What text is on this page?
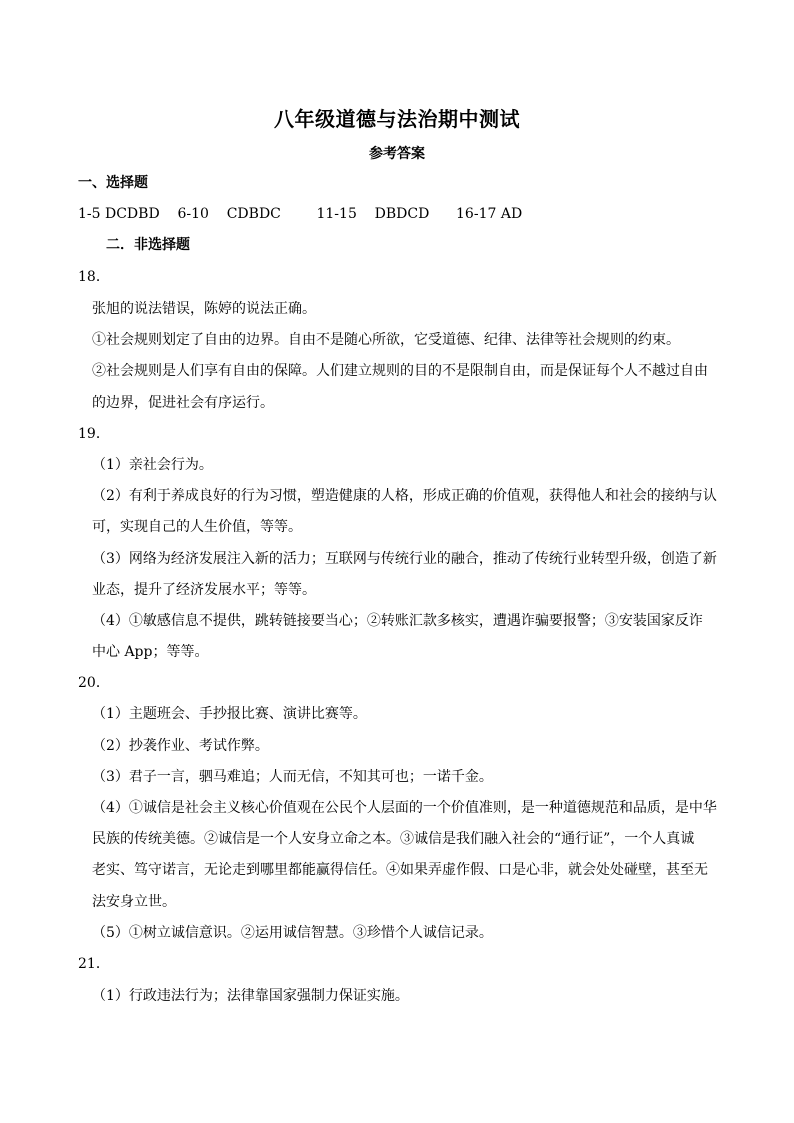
八年级道德与法治期中测试
参考答案
一、选择题
1-5 DCDBD    6-10    CDBDC        11-15    DBDCD      16-17 AD
二．非选择题
18．
张旭的说法错误，陈婷的说法正确。
①社会规则划定了自由的边界。自由不是随心所欲，它受道德、纪律、法律等社会规则的约束。
②社会规则是人们享有自由的保障。人们建立规则的目的不是限制自由，而是保证每个人不越过自由
的边界，促进社会有序运行。
19．
（1）亲社会行为。
（2）有利于养成良好的行为习惯，塑造健康的人格，形成正确的价值观，获得他人和社会的接纳与认
可，实现自己的人生价值，等等。
（3）网络为经济发展注入新的活力；互联网与传统行业的融合，推动了传统行业转型升级，创造了新
业态，提升了经济发展水平；等等。
（4）①敏感信息不提供，跳转链接要当心；②转账汇款多核实，遭遇诈骗要报警；③安装国家反诈
中心 App；等等。
20．
（1）主题班会、手抄报比赛、演讲比赛等。
（2）抄袭作业、考试作弊。
（3）君子一言，驷马难追；人而无信，不知其可也；一诺千金。
（4）①诚信是社会主义核心价值观在公民个人层面的一个价值准则，是一种道德规范和品质，是中华
民族的传统美德。②诚信是一个人安身立命之本。③诚信是我们融入社会的“通行证”，一个人真诚
老实、笃守诺言，无论走到哪里都能赢得信任。④如果弄虚作假、口是心非，就会处处碰壁，甚至无
法安身立世。
（5）①树立诚信意识。②运用诚信智慧。③珍惜个人诚信记录。
21．
（1）行政违法行为；法律靠国家强制力保证实施。
